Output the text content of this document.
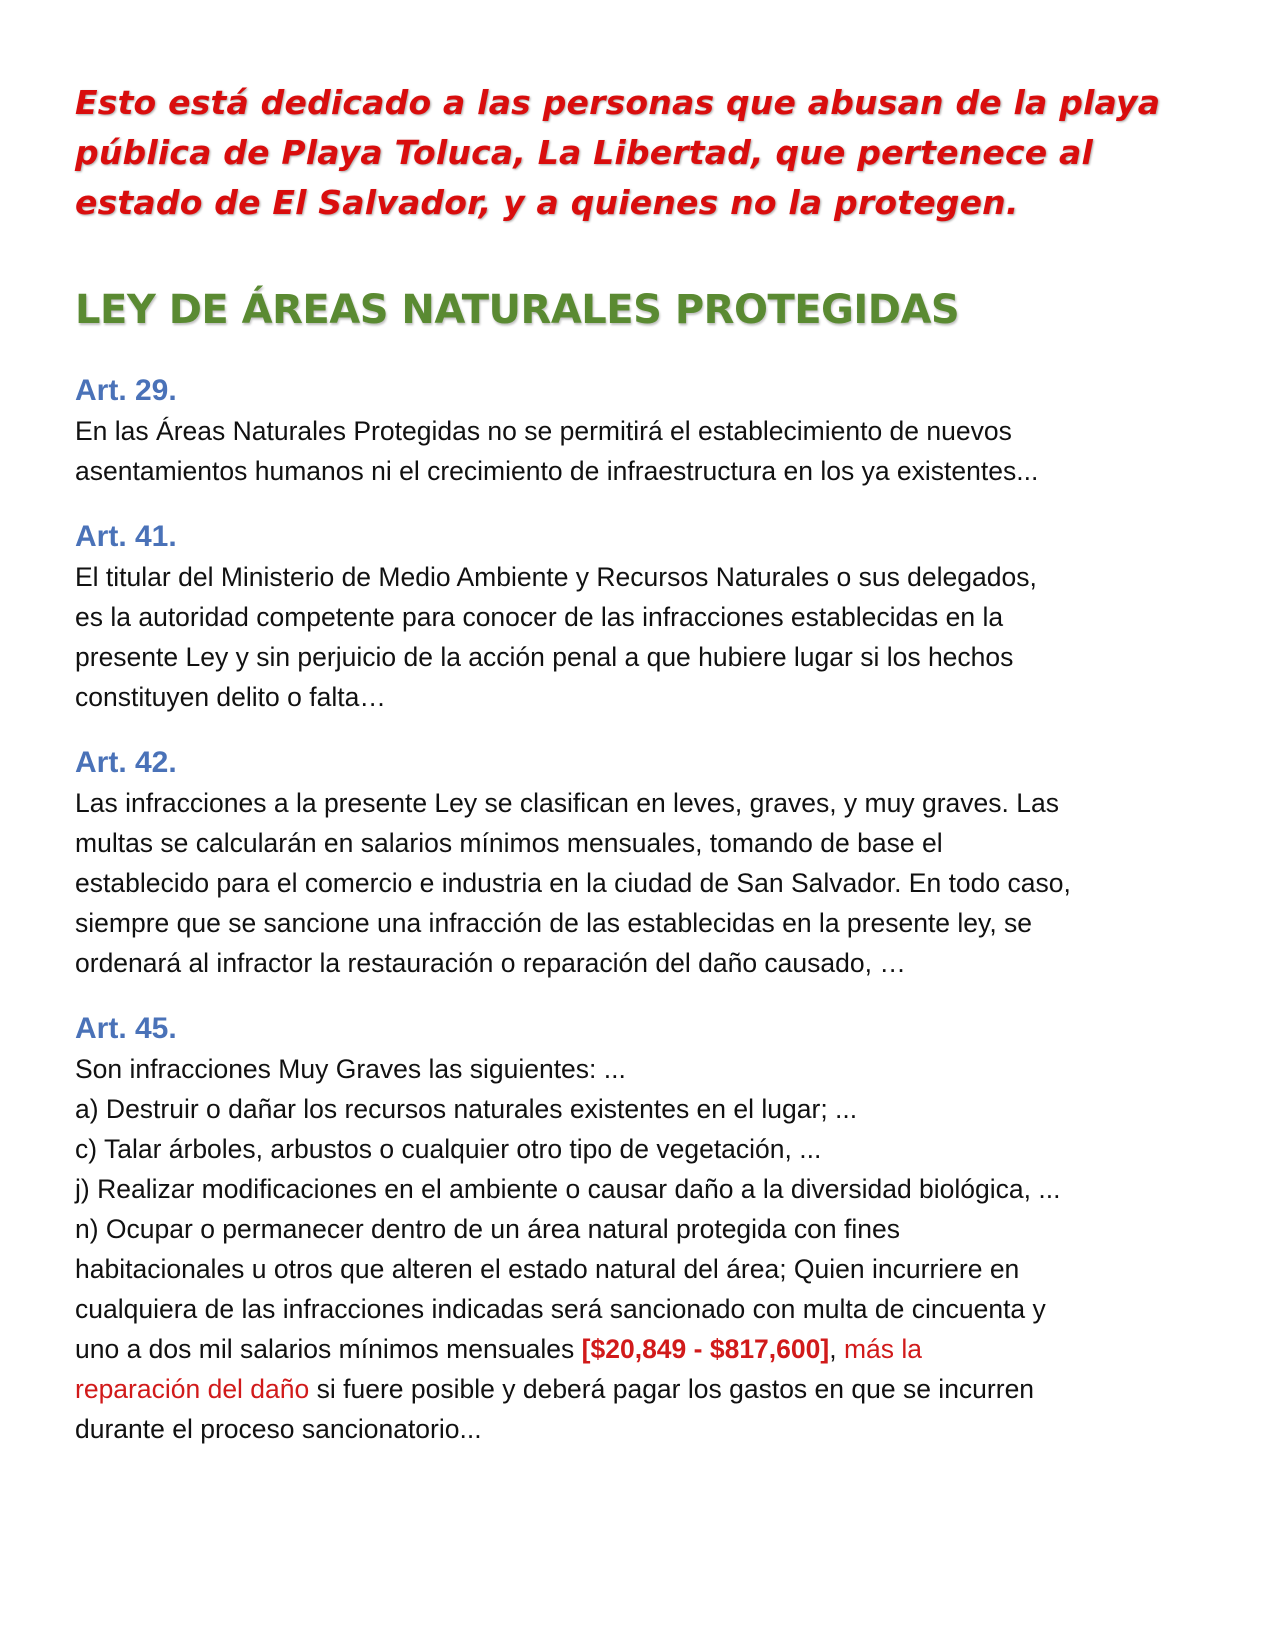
Esto está dedicado a las personas que abusan de la playa
pública de Playa Toluca, La Libertad, que pertenece al
estado de El Salvador, y a quienes no la protegen.

LEY DE ÁREAS NATURALES PROTEGIDAS
Art. 29.

En las Áreas Naturales Protegidas no se permitirá el establecimiento de nuevos
asentamientos humanos ni el crecimiento de infraestructura en los ya existentes...

Art. 41.

El titular del Ministerio de Medio Ambiente y Recursos Naturales o sus delegados,
es la autoridad competente para conocer de las infracciones establecidas en la
presente Ley y sin perjuicio de la acción penal a que hubiere lugar si los hechos
constituyen delito o falta…

Art. 42.

Las infracciones a la presente Ley se clasifican en leves, graves, y muy graves. Las
multas se calcularán en salarios mínimos mensuales, tomando de base el
establecido para el comercio e industria en la ciudad de San Salvador. En todo caso,
siempre que se sancione una infracción de las establecidas en la presente ley, se
ordenará al infractor la restauración o reparación del daño causado, …

Art. 45.

Son infracciones Muy Graves las siguientes: ...
a) Destruir o dañar los recursos naturales existentes en el lugar; ...
c) Talar árboles, arbustos o cualquier otro tipo de vegetación, ...
j) Realizar modificaciones en el ambiente o causar daño a la diversidad biológica, ...
n) Ocupar o permanecer dentro de un área natural protegida con fines
habitacionales u otros que alteren el estado natural del área; Quien incurriere en
cualquiera de las infracciones indicadas será sancionado con multa de cincuenta y
uno a dos mil salarios mínimos mensuales [$20,849 - $817,600], más la
reparación del daño si fuere posible y deberá pagar los gastos en que se incurren
durante el proceso sancionatorio...
